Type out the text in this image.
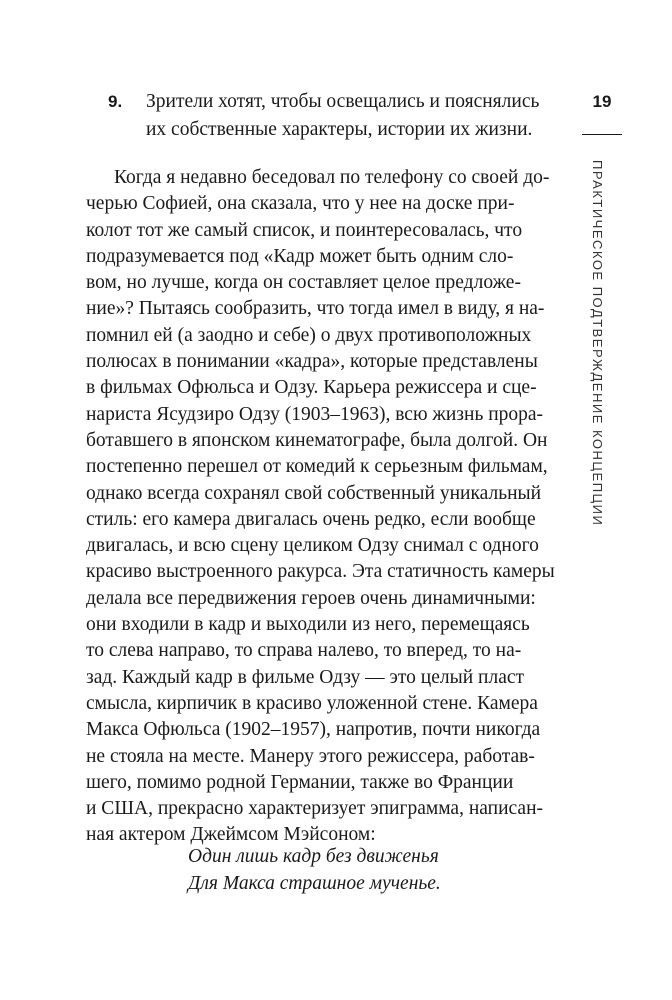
9.	Зрители хотят, чтобы освещались и пояснялись
их собственные характеры, истории их жизни.
19
ПРАКТИЧЕСКОЕ ПОДТВЕРЖДЕНИЕ КОНЦЕПЦИИ
Когда я недавно беседовал по телефону со своей до-
черью Софией, она сказала, что у нее на доске при-
колот тот же самый список, и поинтересовалась, что
подразумевается под «Кадр может быть одним сло-
вом, но лучше, когда он составляет целое предложе-
ние»? Пытаясь сообразить, что тогда имел в виду, я на-
помнил ей (а заодно и себе) о двух противоположных
полюсах в понимании «кадра», которые представлены
в фильмах Офюльса и Одзу. Карьера режиссера и сце-
нариста Ясудзиро Одзу (1903–1963), всю жизнь прора-
ботавшего в японском кинематографе, была долгой. Он
постепенно перешел от комедий к серьезным фильмам,
однако всегда сохранял свой собственный уникальный
стиль: его камера двигалась очень редко, если вообще
двигалась, и всю сцену целиком Одзу снимал с одного
красиво выстроенного ракурса. Эта статичность камеры
делала все передвижения героев очень динамичными:
они входили в кадр и выходили из него, перемещаясь
то слева направо, то справа налево, то вперед, то на-
зад. Каждый кадр в фильме Одзу — это целый пласт
смысла, кирпичик в красиво уложенной стене. Камера
Макса Офюльса (1902–1957), напротив, почти никогда
не стояла на месте. Манеру этого режиссера, работав-
шего, помимо родной Германии, также во Франции
и США, прекрасно характеризует эпиграмма, написан-
ная актером Джеймсом Мэйсоном:
Один лишь кадр без движенья
Для Макса страшное мученье.
